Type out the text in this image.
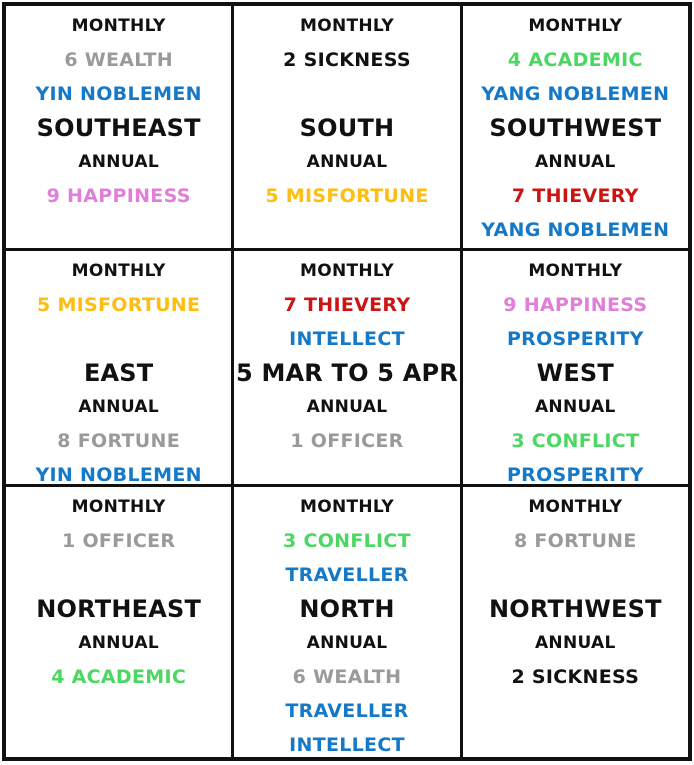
MONTHLY
6 WEALTH
YIN NOBLEMEN
SOUTHEAST
ANNUAL
9 HAPPINESS
MONTHLY
2 SICKNESS
SOUTH
ANNUAL
5 MISFORTUNE
MONTHLY
4 ACADEMIC
YANG NOBLEMEN
SOUTHWEST
ANNUAL
7 THIEVERY
YANG NOBLEMEN
MONTHLY
5 MISFORTUNE
EAST
ANNUAL
8 FORTUNE
YIN NOBLEMEN
MONTHLY
7 THIEVERY
INTELLECT
5 MAR TO 5 APR
ANNUAL
1 OFFICER
MONTHLY
9 HAPPINESS
PROSPERITY
WEST
ANNUAL
3 CONFLICT
PROSPERITY
MONTHLY
1 OFFICER
NORTHEAST
ANNUAL
4 ACADEMIC
MONTHLY
3 CONFLICT
TRAVELLER
NORTH
ANNUAL
6 WEALTH
TRAVELLER
INTELLECT
MONTHLY
8 FORTUNE
NORTHWEST
ANNUAL
2 SICKNESS
